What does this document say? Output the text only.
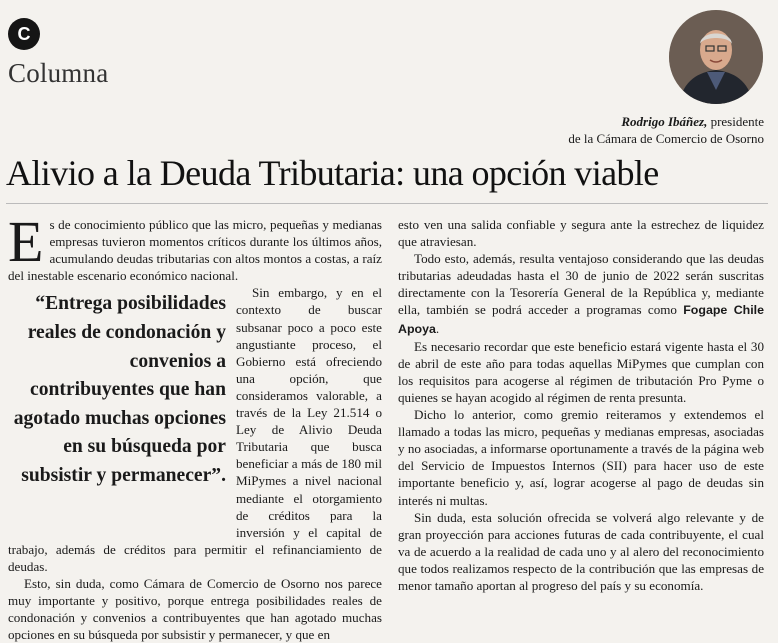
C
Columna
Rodrigo Ibáñez, presidente
de la Cámara de Comercio de Osorno
Alivio a la Deuda Tributaria: una opción viable

Es de conocimiento público que las micro, pequeñas y medianas empresas tuvieron momentos críticos durante los últimos años, acumulando deudas tributarias con altos montos a costas, a raíz del inestable escenario económico nacional.

“Entrega posibilidades reales de condonación y convenios a contribuyentes que han agotado muchas opciones en su búsqueda por subsistir y permanecer”.
Sin embargo, y en el contexto de buscar subsanar poco a poco este angustiante proceso, el Gobierno está ofreciendo una opción, que consideramos valorable, a través de la Ley 21.514 o Ley de Alivio Deuda Tributaria que busca beneficiar a más de 180 mil MiPymes a nivel nacional mediante el otorgamiento de créditos para la inversión y el capital de trabajo, además de créditos para permitir el refinanciamiento de deudas.

Esto, sin duda, como Cámara de Comercio de Osorno nos parece muy importante y positivo, porque entrega posibilidades reales de condonación y convenios a contribuyentes que han agotado muchas opciones en su búsqueda por subsistir y permanecer, y que en

esto ven una salida confiable y segura ante la estrechez de liquidez que atraviesan.

Todo esto, además, resulta ventajoso considerando que las deudas tributarias adeudadas hasta el 30 de junio de 2022 serán suscritas directamente con la Tesorería General de la República y, mediante ella, también se podrá acceder a programas como Fogape Chile Apoya.

Es necesario recordar que este beneficio estará vigente hasta el 30 de abril de este año para todas aquellas MiPymes que cumplan con los requisitos para acogerse al régimen de tributación Pro Pyme o quienes se hayan acogido al régimen de renta presunta.

Dicho lo anterior, como gremio reiteramos y extendemos el llamado a todas las micro, pequeñas y medianas empresas, asociadas y no asociadas, a informarse oportunamente a través de la página web del Servicio de Impuestos Internos (SII) para hacer uso de este importante beneficio y, así, lograr acogerse al pago de deudas sin interés ni multas.

Sin duda, esta solución ofrecida se volverá algo relevante y de gran proyección para acciones futuras de cada contribuyente, el cual va de acuerdo a la realidad de cada uno y al alero del reconocimiento que todos realizamos respecto de la contribución que las empresas de menor tamaño aportan al progreso del país y su economía.
